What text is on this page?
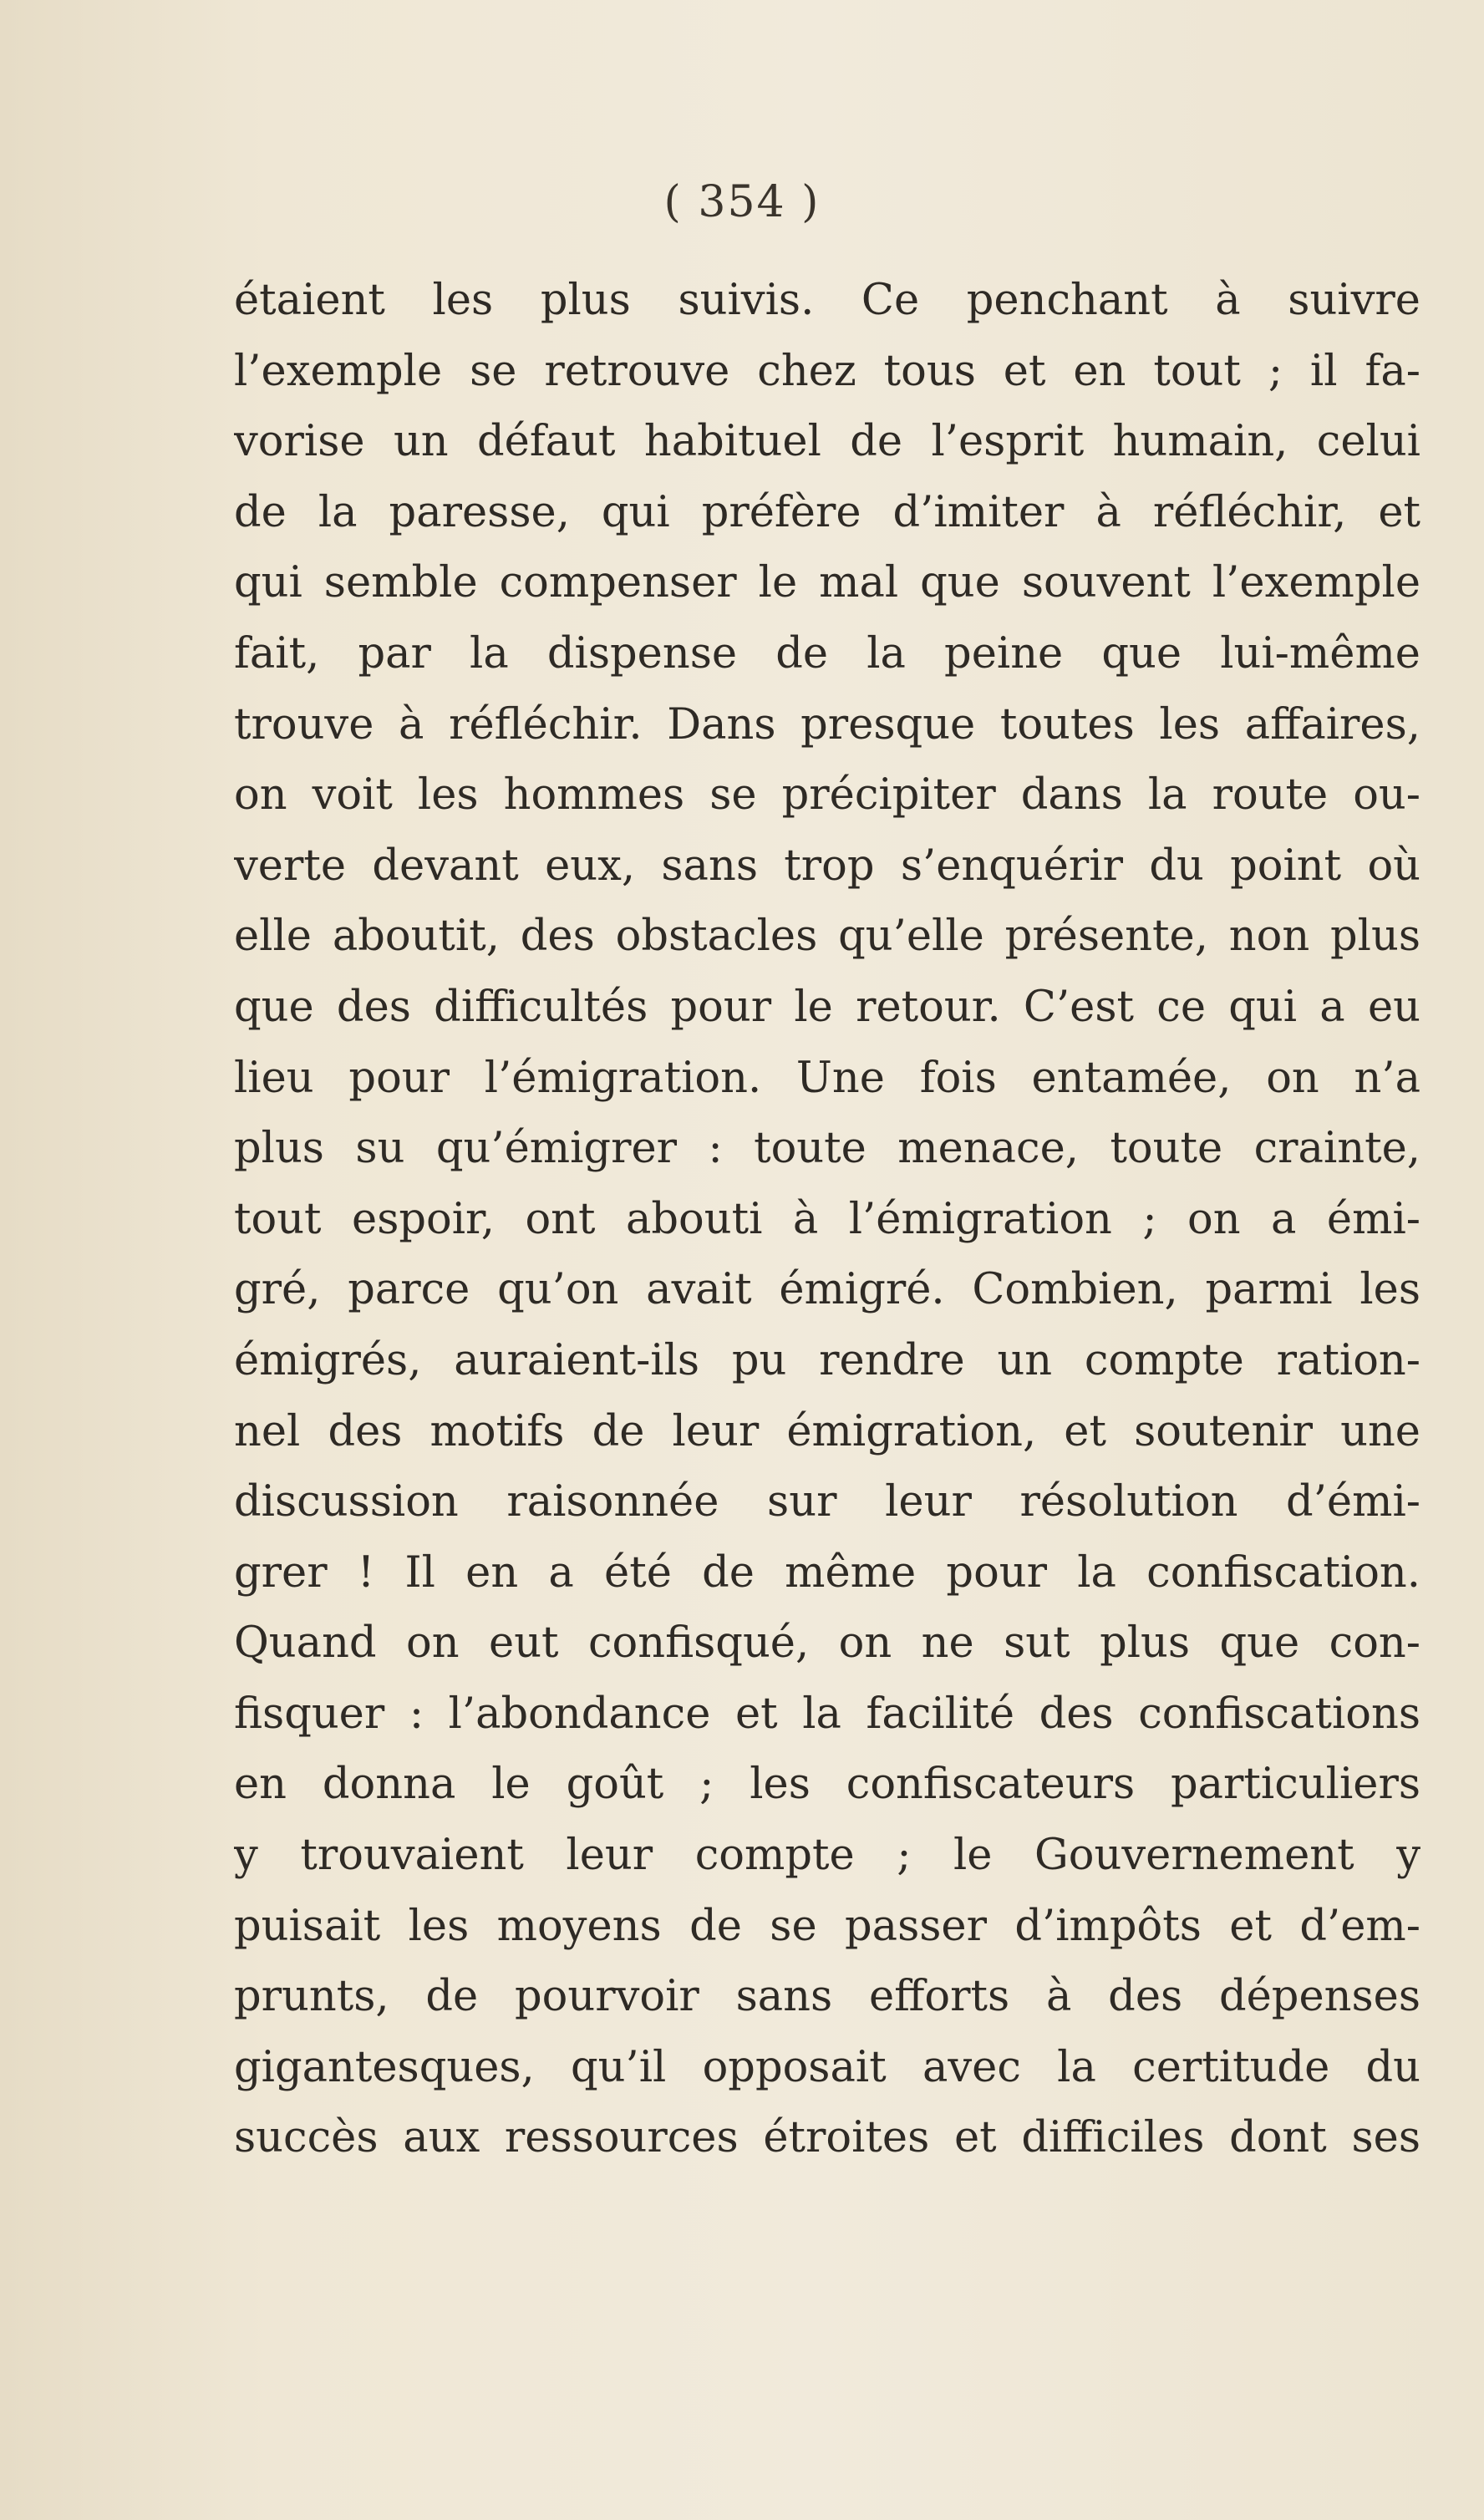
( 354 )
étaient les plus suivis. Ce penchant à suivre
l’exemple se retrouve chez tous et en tout ; il fa-
vorise un défaut habituel de l’esprit humain, celui
de la paresse, qui préfère d’imiter à réfléchir, et
qui semble compenser le mal que souvent l’exemple
fait, par la dispense de la peine que lui-même
trouve à réfléchir. Dans presque toutes les affaires,
on voit les hommes se précipiter dans la route ou-
verte devant eux, sans trop s’enquérir du point où
elle aboutit, des obstacles qu’elle présente, non plus
que des difficultés pour le retour. C’est ce qui a eu
lieu pour l’émigration. Une fois entamée, on n’a
plus su qu’émigrer : toute menace, toute crainte,
tout espoir, ont abouti à l’émigration ; on a émi-
gré, parce qu’on avait émigré. Combien, parmi les
émigrés, auraient-ils pu rendre un compte ration-
nel des motifs de leur émigration, et soutenir une
discussion raisonnée sur leur résolution d’émi-
grer ! Il en a été de même pour la confiscation.
Quand on eut confisqué, on ne sut plus que con-
fisquer : l’abondance et la facilité des confiscations
en donna le goût ; les confiscateurs particuliers
y trouvaient leur compte ; le Gouvernement y
puisait les moyens de se passer d’impôts et d’em-
prunts, de pourvoir sans efforts à des dépenses
gigantesques, qu’il opposait avec la certitude du
succès aux ressources étroites et difficiles dont ses
